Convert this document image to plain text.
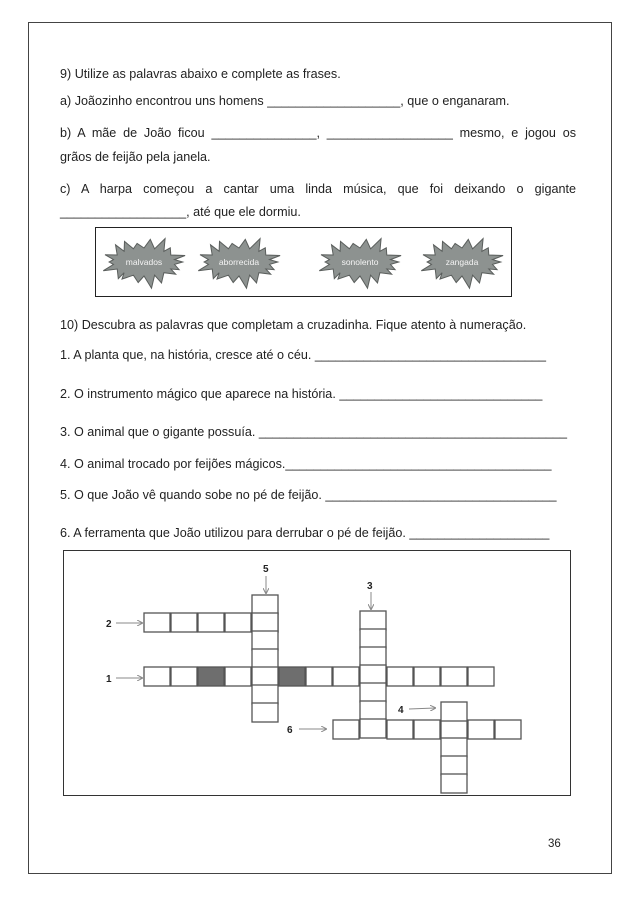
9) Utilize as palavras abaixo e complete as frases.
a) Joãozinho encontrou uns homens ___________________, que o enganaram.
b) A mãe de João ficou _______________, __________________ mesmo, e jogou os
grãos de feijão pela janela.
c) A harpa começou a cantar uma linda música, que foi deixando o gigante
__________________, até que ele dormiu.
malvados	aborrecida	sonolento	zangada
10) Descubra as palavras que completam a cruzadinha. Fique atento à numeração.
1. A planta que, na história, cresce até o céu. _________________________________
2. O instrumento mágico que aparece na história. _____________________________
3. O animal que o gigante possuía. ____________________________________________
4. O animal trocado por feijões mágicos.______________________________________
5. O que João vê quando sobe no pé de feijão. _________________________________
6. A ferramenta que João utilizou para derrubar o pé de feijão. ____________________
2
1
5
3
4
6
36
